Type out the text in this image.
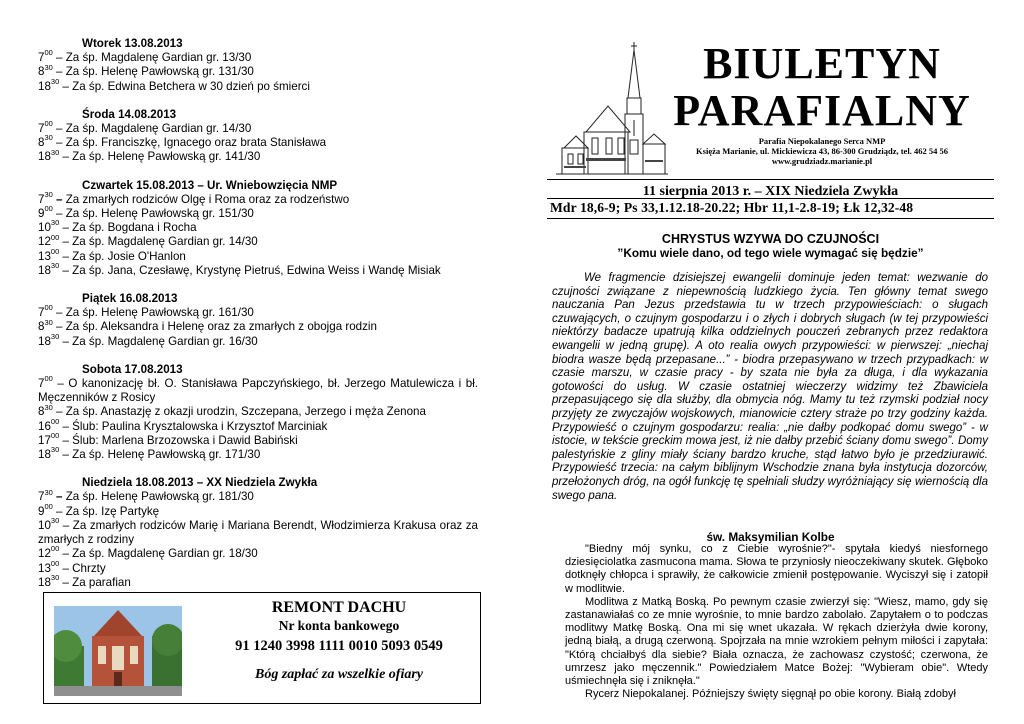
Wtorek 13.08.2013
$7^{00}$ – Za śp. Magdalenę Gardian gr. 13/30
$8^{30}$ – Za śp. Helenę Pawłowską gr. 131/30
$18^{30}$ – Za śp. Edwina Betchera w 30 dzień po śmierci
Środa 14.08.2013
$7^{00}$ – Za śp. Magdalenę Gardian gr. 14/30
$8^{30}$ – Za śp. Franciszkę, Ignacego oraz brata Stanisława
$18^{30}$ – Za śp. Helenę Pawłowską gr. 141/30
Czwartek 15.08.2013 – Ur. Wniebowzięcia NMP
$7^{30}$ – Za zmarłych rodziców Olgę i Roma oraz za rodzeństwo
$9^{00}$ – Za śp. Helenę Pawłowską gr. 151/30
$10^{30}$ – Za śp. Bogdana i Rocha
$12^{00}$ – Za śp. Magdalenę Gardian gr. 14/30
$13^{00}$ – Za śp. Josie O'Hanlon
$18^{30}$ – Za śp. Jana, Czesławę, Krystynę Pietruś, Edwina Weiss i Wandę Misiak
Piątek 16.08.2013
$7^{00}$ – Za śp. Helenę Pawłowską gr. 161/30
$8^{30}$ – Za śp. Aleksandra i Helenę oraz za zmarłych z obojga rodzin
$18^{30}$ – Za śp. Magdalenę Gardian gr. 16/30
Sobota 17.08.2013
$7^{00}$ – O kanonizację bł. O. Stanisława Papczyńskiego, bł. Jerzego Matulewicza i bł. Męczenników z Rosicy
$8^{30}$ – Za śp. Anastazję z okazji urodzin, Szczepana, Jerzego i męża Zenona
$16^{00}$ – Ślub: Paulina Krysztalowska i Krzysztof Marciniak
$17^{00}$ – Ślub: Marlena Brzozowska i Dawid Babiński
$18^{30}$ – Za śp. Helenę Pawłowską gr. 171/30
Niedziela 18.08.2013 – XX Niedziela Zwykła
$7^{30}$ – Za śp. Helenę Pawłowską gr. 181/30
$9^{00}$ – Za śp. Izę Partykę
$10^{30}$ – Za zmarłych rodziców Marię i Mariana Berendt, Włodzimierza Krakusa oraz za zmarłych z rodziny
$12^{00}$ – Za śp. Magdalenę Gardian gr. 18/30
$13^{00}$ – Chrzty
$18^{30}$ – Za parafian
REMONT DACHU
Nr konta bankowego
91 1240 3998 1111 0010 5093 0549
Bóg zapłać za wszelkie ofiary
BIULETYN
PARAFIALNY
Parafia Niepokalanego Serca NMP
Księża Marianie, ul. Mickiewicza 43, 86-300 Grudziądz, tel. 462 54 56
www.grudziadz.marianie.pl
11 sierpnia 2013 r. – XIX Niedziela Zwykła
Mdr 18,6-9; Ps 33,1.12.18-20.22; Hbr 11,1-2.8-19; Łk 12,32-48
CHRYSTUS WZYWA DO CZUJNOŚCI
”Komu wiele dano, od tego wiele wymagać się będzie”

We fragmencie dzisiejszej ewangelii dominuje jeden temat: wezwanie do czujności związane z niepewnością ludzkiego życia. Ten główny temat swego nauczania Pan Jezus przedstawia tu w trzech przypowieściach: o sługach czuwających, o czujnym gospodarzu i o złych i dobrych sługach (w tej przypowieści niektórzy badacze upatrują kilka oddzielnych pouczeń zebranych przez redaktora ewangelii w jedną grupę). A oto realia owych przypowieści: w pierwszej: „niechaj biodra wasze będą przepasane...” - biodra przepasywano w trzech przypadkach: w czasie marszu, w czasie pracy - by szata nie była za długa, i dla wykazania gotowości do usług. W czasie ostatniej wieczerzy widzimy też Zbawiciela przepasującego się dla służby, dla obmycia nóg. Mamy tu też rzymski podział nocy przyjęty ze zwyczajów wojskowych, mianowicie cztery straże po trzy godziny każda. Przypowieść o czujnym gospodarzu: realia: „nie dałby podkopać domu swego” - w istocie, w tekście greckim mowa jest, iż nie dałby przebić ściany domu swego”. Domy palestyńskie z gliny miały ściany bardzo kruche, stąd łatwo było je przedziurawić. Przypowieść trzecia: na całym biblijnym Wschodzie znana była instytucja dozorców, przełożonych dróg, na ogół funkcję tę spełniali słudzy wyróżniający się wiernością dla swego pana.

św. Maksymilian Kolbe

"Biedny mój synku, co z Ciebie wyrośnie?"- spytała kiedyś niesfornego dziesięciolatka zasmucona mama. Słowa te przyniosły nieoczekiwany skutek. Głęboko dotknęły chłopca i sprawiły, że całkowicie zmienił postępowanie. Wyciszył się i zatopił w modlitwie.

Modlitwa z Matką Boską. Po pewnym czasie zwierzył się: "Wiesz, mamo, gdy się zastanawiałaś co ze mnie wyrośnie, to mnie bardzo zabolało. Zapytałem o to podczas modlitwy Matkę Boską. Ona mi się wnet ukazała. W rękach dzierżyła dwie korony, jedną białą, a drugą czerwoną. Spojrzała na mnie wzrokiem pełnym miłości i zapytała: "Którą chciałbyś dla siebie? Biała oznacza, że zachowasz czystość; czerwona, że umrzesz jako męczennik." Powiedziałem Matce Bożej: "Wybieram obie". Wtedy uśmiechnęła się i zniknęła."

Rycerz Niepokalanej. Późniejszy święty sięgnął po obie korony. Białą zdobył
